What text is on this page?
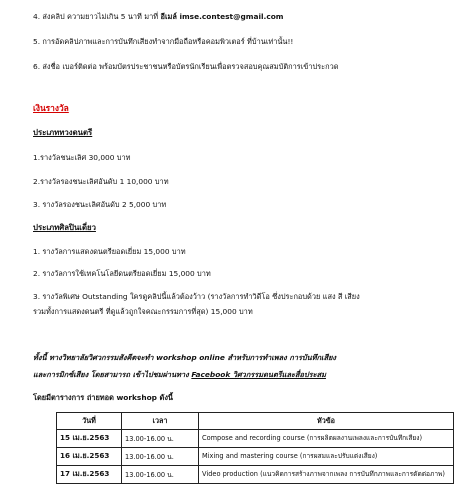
4. ส่งคลิป ความยาวไม่เกิน 5 นาที มาที่ อีเมล์ imse.contest@gmail.com
5. การอัดคลิปภาพและการบันทึกเสียงทำจากมือถือหรือคอมพิวเตอร์ ที่บ้านเท่านั้น!!
6. ส่งชื่อ เบอร์ติดต่อ พร้อมบัตรประชาชนหรือบัตรนักเรียนเพื่อตรวจสอบคุณสมบัติการเข้าประกวด
เงินรางวัล
ประเภททวงดนตรี
1.รางวัลชนะเลิศ 30,000 บาท
2.รางวัลรองชนะเลิศอันดับ 1 10,000 บาท
3. รางวัลรองชนะเลิศอันดับ 2 5,000 บาท
ประเภทศิลปินเดี่ยว
1. รางวัลการแสดงดนตรียอดเยี่ยม 15,000 บาท
2. รางวัลการใช้เทคโนโลยีดนตรียอดเยี่ยม 15,000 บาท
3. รางวัลพิเศษ Outstanding ใครดูคลิปนี้แล้วต้องว้าว (รางวัลการทำวิดีโอ ซึ่งประกอบด้วย แสง สี เสียง
รวมทั้งการแสดงดนตรี ที่ดูแล้วถูกใจคณะกรรมการที่สุด) 15,000 บาท
ทั้งนี้ ทางวิทยาลัยวิศวกรรมสังคีตจะทำ workshop online สำหรับการทำเพลง การบันทึกเสียง
และการมิกซ์เสียง โดยสามารถ เข้าไปชมผ่านทาง Facebook วิศวกรรมดนตรีและสื่อประสม
โดยมีตารางการ ถ่ายทอด workshop ดังนี้
วันที่	เวลา	หัวข้อ
15 เม.ย.2563	13.00-16.00 น.	Compose and recording course (การผลิตผลงานเพลงและการบันทึกเสียง)
16 เม.ย.2563	13.00-16.00 น.	Mixing and mastering course (การผสมและปรับแต่งเสียง)
17 เม.ย.2563	13.00-16.00 น.	Video production (แนวคิดการสร้างภาพจากเพลง การบันทึกภาพและการตัดต่อภาพ)
